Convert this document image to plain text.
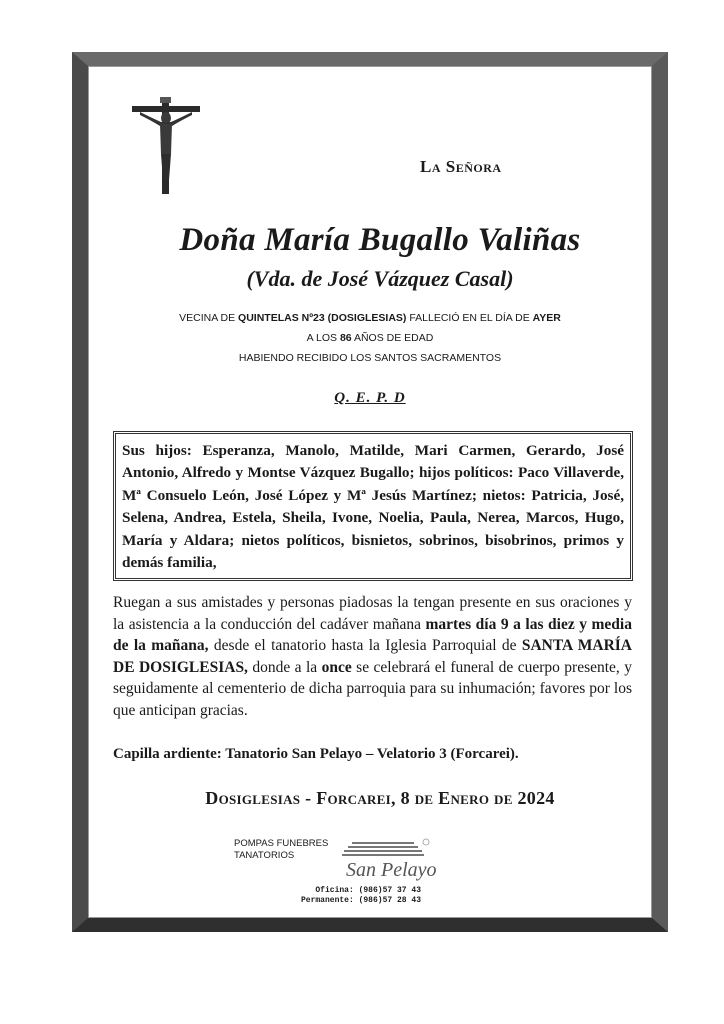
La Señora
Doña María Bugallo Valiñas
(Vda. de José Vázquez Casal)
VECINA DE QUINTELAS Nº23 (DOSIGLESIAS) FALLECIÓ EN EL DÍA DE AYER
A LOS 86 AÑOS DE EDAD
HABIENDO RECIBIDO LOS SANTOS SACRAMENTOS
Q. E. P. D
Sus hijos: Esperanza, Manolo, Matilde, Mari Carmen, Gerardo, José Antonio, Alfredo y Montse Vázquez Bugallo; hijos políticos: Paco Villaverde, Mª Consuelo León, José López y Mª Jesús Martínez; nietos: Patricia, José, Selena, Andrea, Estela, Sheila, Ivone, Noelia, Paula, Nerea, Marcos, Hugo, María y Aldara; nietos políticos, bisnietos, sobrinos, bisobrinos, primos y demás familia,

Ruegan a sus amistades y personas piadosas la tengan presente en sus oraciones y la asistencia a la conducción del cadáver mañana martes día 9 a las diez y media de la mañana, desde el tanatorio hasta la Iglesia Parroquial de SANTA MARÍA DE DOSIGLESIAS, donde a la once se celebrará el funeral de cuerpo presente, y seguidamente al cementerio de dicha parroquia para su inhumación; favores por los que anticipan gracias.

Capilla ardiente: Tanatorio San Pelayo – Velatorio 3 (Forcarei).
Dosiglesias - Forcarei, 8 de Enero de 2024
POMPAS FUNEBRES
TANATORIOS
San Pelayo
Oficina: (986)57 37 43
Permanente: (986)57 28 43
